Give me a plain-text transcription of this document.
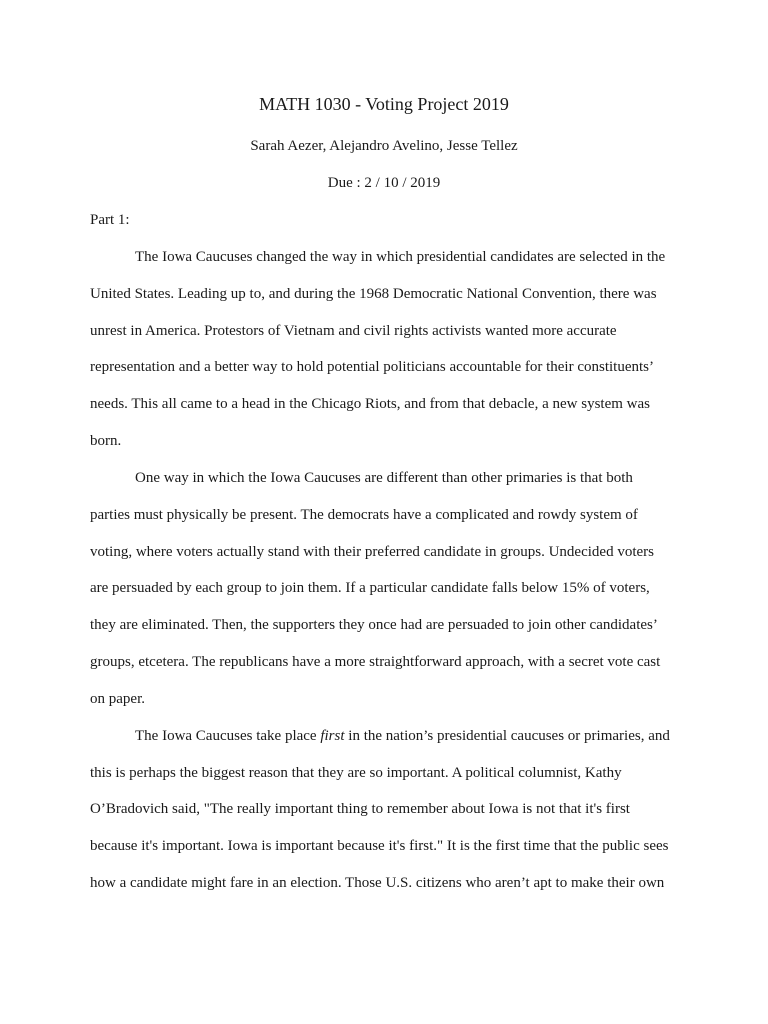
MATH 1030 - Voting Project 2019
Sarah Aezer, Alejandro Avelino, Jesse Tellez
Due : 2 / 10 / 2019
Part 1:
The Iowa Caucuses changed the way in which presidential candidates are selected in the
United States. Leading up to, and during the 1968 Democratic National Convention, there was
unrest in America. Protestors of Vietnam and civil rights activists wanted more accurate
representation and a better way to hold potential politicians accountable for their constituents’
needs. This all came to a head in the Chicago Riots, and from that debacle, a new system was
born.
One way in which the Iowa Caucuses are different than other primaries is that both
parties must physically be present. The democrats have a complicated and rowdy system of
voting, where voters actually stand with their preferred candidate in groups. Undecided voters
are persuaded by each group to join them. If a particular candidate falls below 15% of voters,
they are eliminated. Then, the supporters they once had are persuaded to join other candidates’
groups, etcetera. The republicans have a more straightforward approach, with a secret vote cast
on paper.
The Iowa Caucuses take place first in the nation’s presidential caucuses or primaries, and
this is perhaps the biggest reason that they are so important. A political columnist, Kathy
O’Bradovich said, "The really important thing to remember about Iowa is not that it's first
because it's important. Iowa is important because it's first." It is the first time that the public sees
how a candidate might fare in an election. Those U.S. citizens who aren’t apt to make their own
